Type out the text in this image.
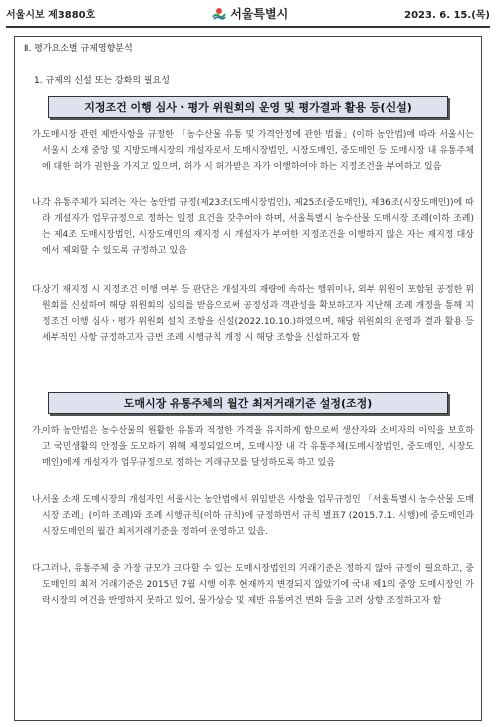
서울시보 제3880호	서울특별시	2023. 6. 15.(목)
Ⅱ. 평가요소별 규제영향분석
1. 규제의 신설 또는 강화의 필요성
지정조건 이행 심사ㆍ평가 위원회의 운영 및 평가결과 활용 등(신설)
가.
도매시장 관련 제반사항을 규정한 「농수산물 유통 및 가격안정에 관한 법률」(이하 농안법)에 따라 서울시는 서울시 소재 중앙 및 지방도매시장의 개설자로서 도매시장법인, 시장도매인, 중도매인 등 도매시장 내 유통주체에 대한 허가 권한을 가지고 있으며, 허가 시 허가받은 자가 이행하여야 하는 지정조건을 부여하고 있음
나.
각 유통주체가 되려는 자는 농안법 규정(제23조(도매시장법인), 제25조(중도매인), 제36조(시장도매인))에 따라 개설자가 업무규정으로 정하는 일정 요건을 갖추어야 하며, 서울특별시 농수산물 도매시장 조례(이하 조례)는 제4조 도매시장법인, 시장도매인의 재지정 시 개설자가 부여한 지정조건을 이행하지 않은 자는 재지정 대상에서 제외할 수 있도록 규정하고 있음
다.
상기 재지정 시 지정조건 이행 여부 등 판단은 개설자의 재량에 속하는 행위이나, 외부 위원이 포함된 공정한 위원회를 신설하여 해당 위원회의 심의를 받음으로써 공정성과 객관성을 확보하고자 지난해 조례 개정을 통해 지정조건 이행 심사ㆍ평가 위원회 설치 조항을 신설(2022.10.10.)하였으며, 해당 위원회의 운영과 결과 활용 등 세부적인 사항 규정하고자 금번 조례 시행규칙 개정 시 해당 조항을 신설하고자 함
도매시장 유통주체의 월간 최저거래기준 설정(조정)
가.
이하 농안법은 농수산물의 원활한 유통과 적정한 가격을 유지하게 함으로써 생산자와 소비자의 이익을 보호하고 국민생활의 안정을 도모하기 위해 제정되었으며, 도매시장 내 각 유통주체(도매시장법인, 중도매인, 시장도매인)에게 개설자가 업무규정으로 정하는 거래규모를 달성하도록 하고 있음
나.
서울 소재 도매시장의 개설자인 서울시는 농안법에서 위임받은 사항을 업무규정인 「서울특별시 농수산물 도매시장 조례」(이하 조례)와 조례 시행규칙(이하 규칙)에 규정하면서 규칙 별표7 (2015.7.1. 시행)에 중도매인과 시장도매인의 월간 최저거래기준을 정하여 운영하고 있음.
다.
그러나, 유통주체 중 가장 규모가 크다할 수 있는 도매시장법인의 거래기준은 정하지 않아 규정이 필요하고, 중도매인의 최저 거래기준은 2015년 7월 시행 이후 현재까지 변경되지 않았기에 국내 제1의 중앙 도매시장인 가락시장의 여건을 반영하지 못하고 있어, 물가상승 및 제반 유통여건 변화 등을 고려 상향 조정하고자 함
